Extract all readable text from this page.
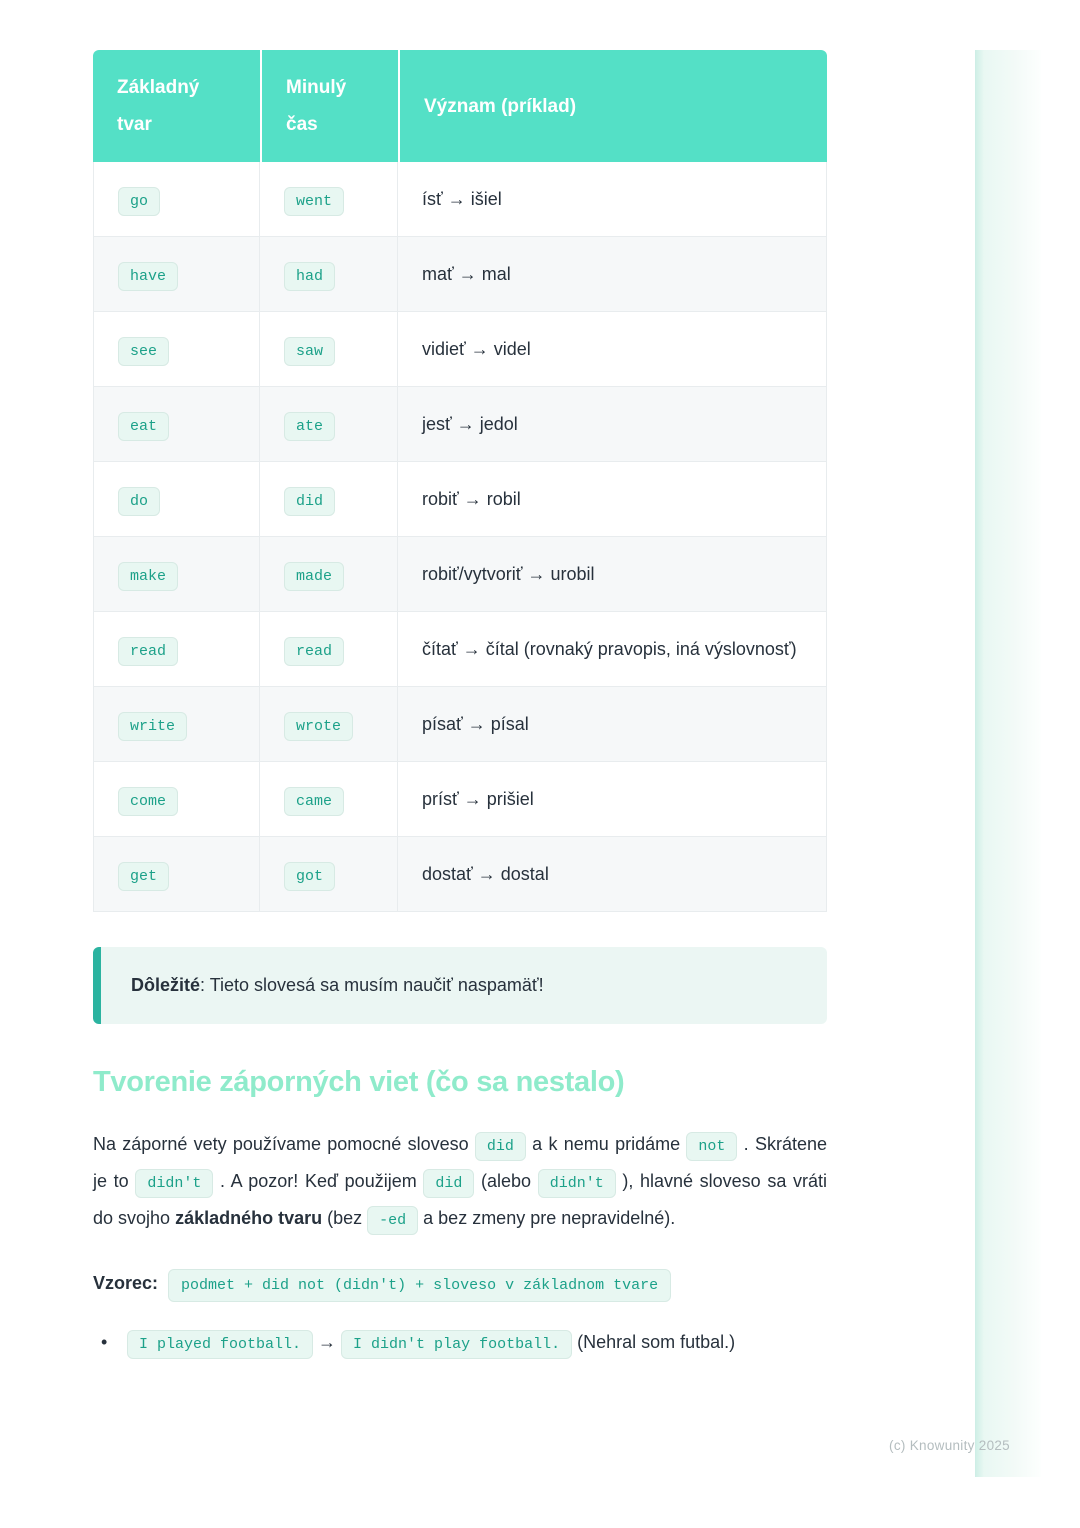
Základný tvar	Minulý čas	Význam (príklad)
go	went	ísť → išiel
have	had	mať → mal
see	saw	vidieť → videl
eat	ate	jesť → jedol
do	did	robiť → robil
make	made	robiť/vytvoriť → urobil
read	read	čítať → čítal (rovnaký pravopis, iná výslovnosť)
write	wrote	písať → písal
come	came	prísť → prišiel
get	got	dostať → dostal
Dôležité: Tieto slovesá sa musím naučiť naspamäť!
Tvorenie záporných viet (čo sa nestalo)

Na záporné vety používame pomocné sloveso did a k nemu pridáme not . Skrátene je to didn't . A pozor! Keď použijem did (alebo didn't ), hlavné sloveso sa vráti do svojho základného tvaru (bez -ed a bez zmeny pre nepravidelné).

Vzorec: podmet + did not (didn't) + sloveso v základnom tvare

• I played football. → I didn't play football. (Nehral som futbal.)
(c) Knowunity 2025
